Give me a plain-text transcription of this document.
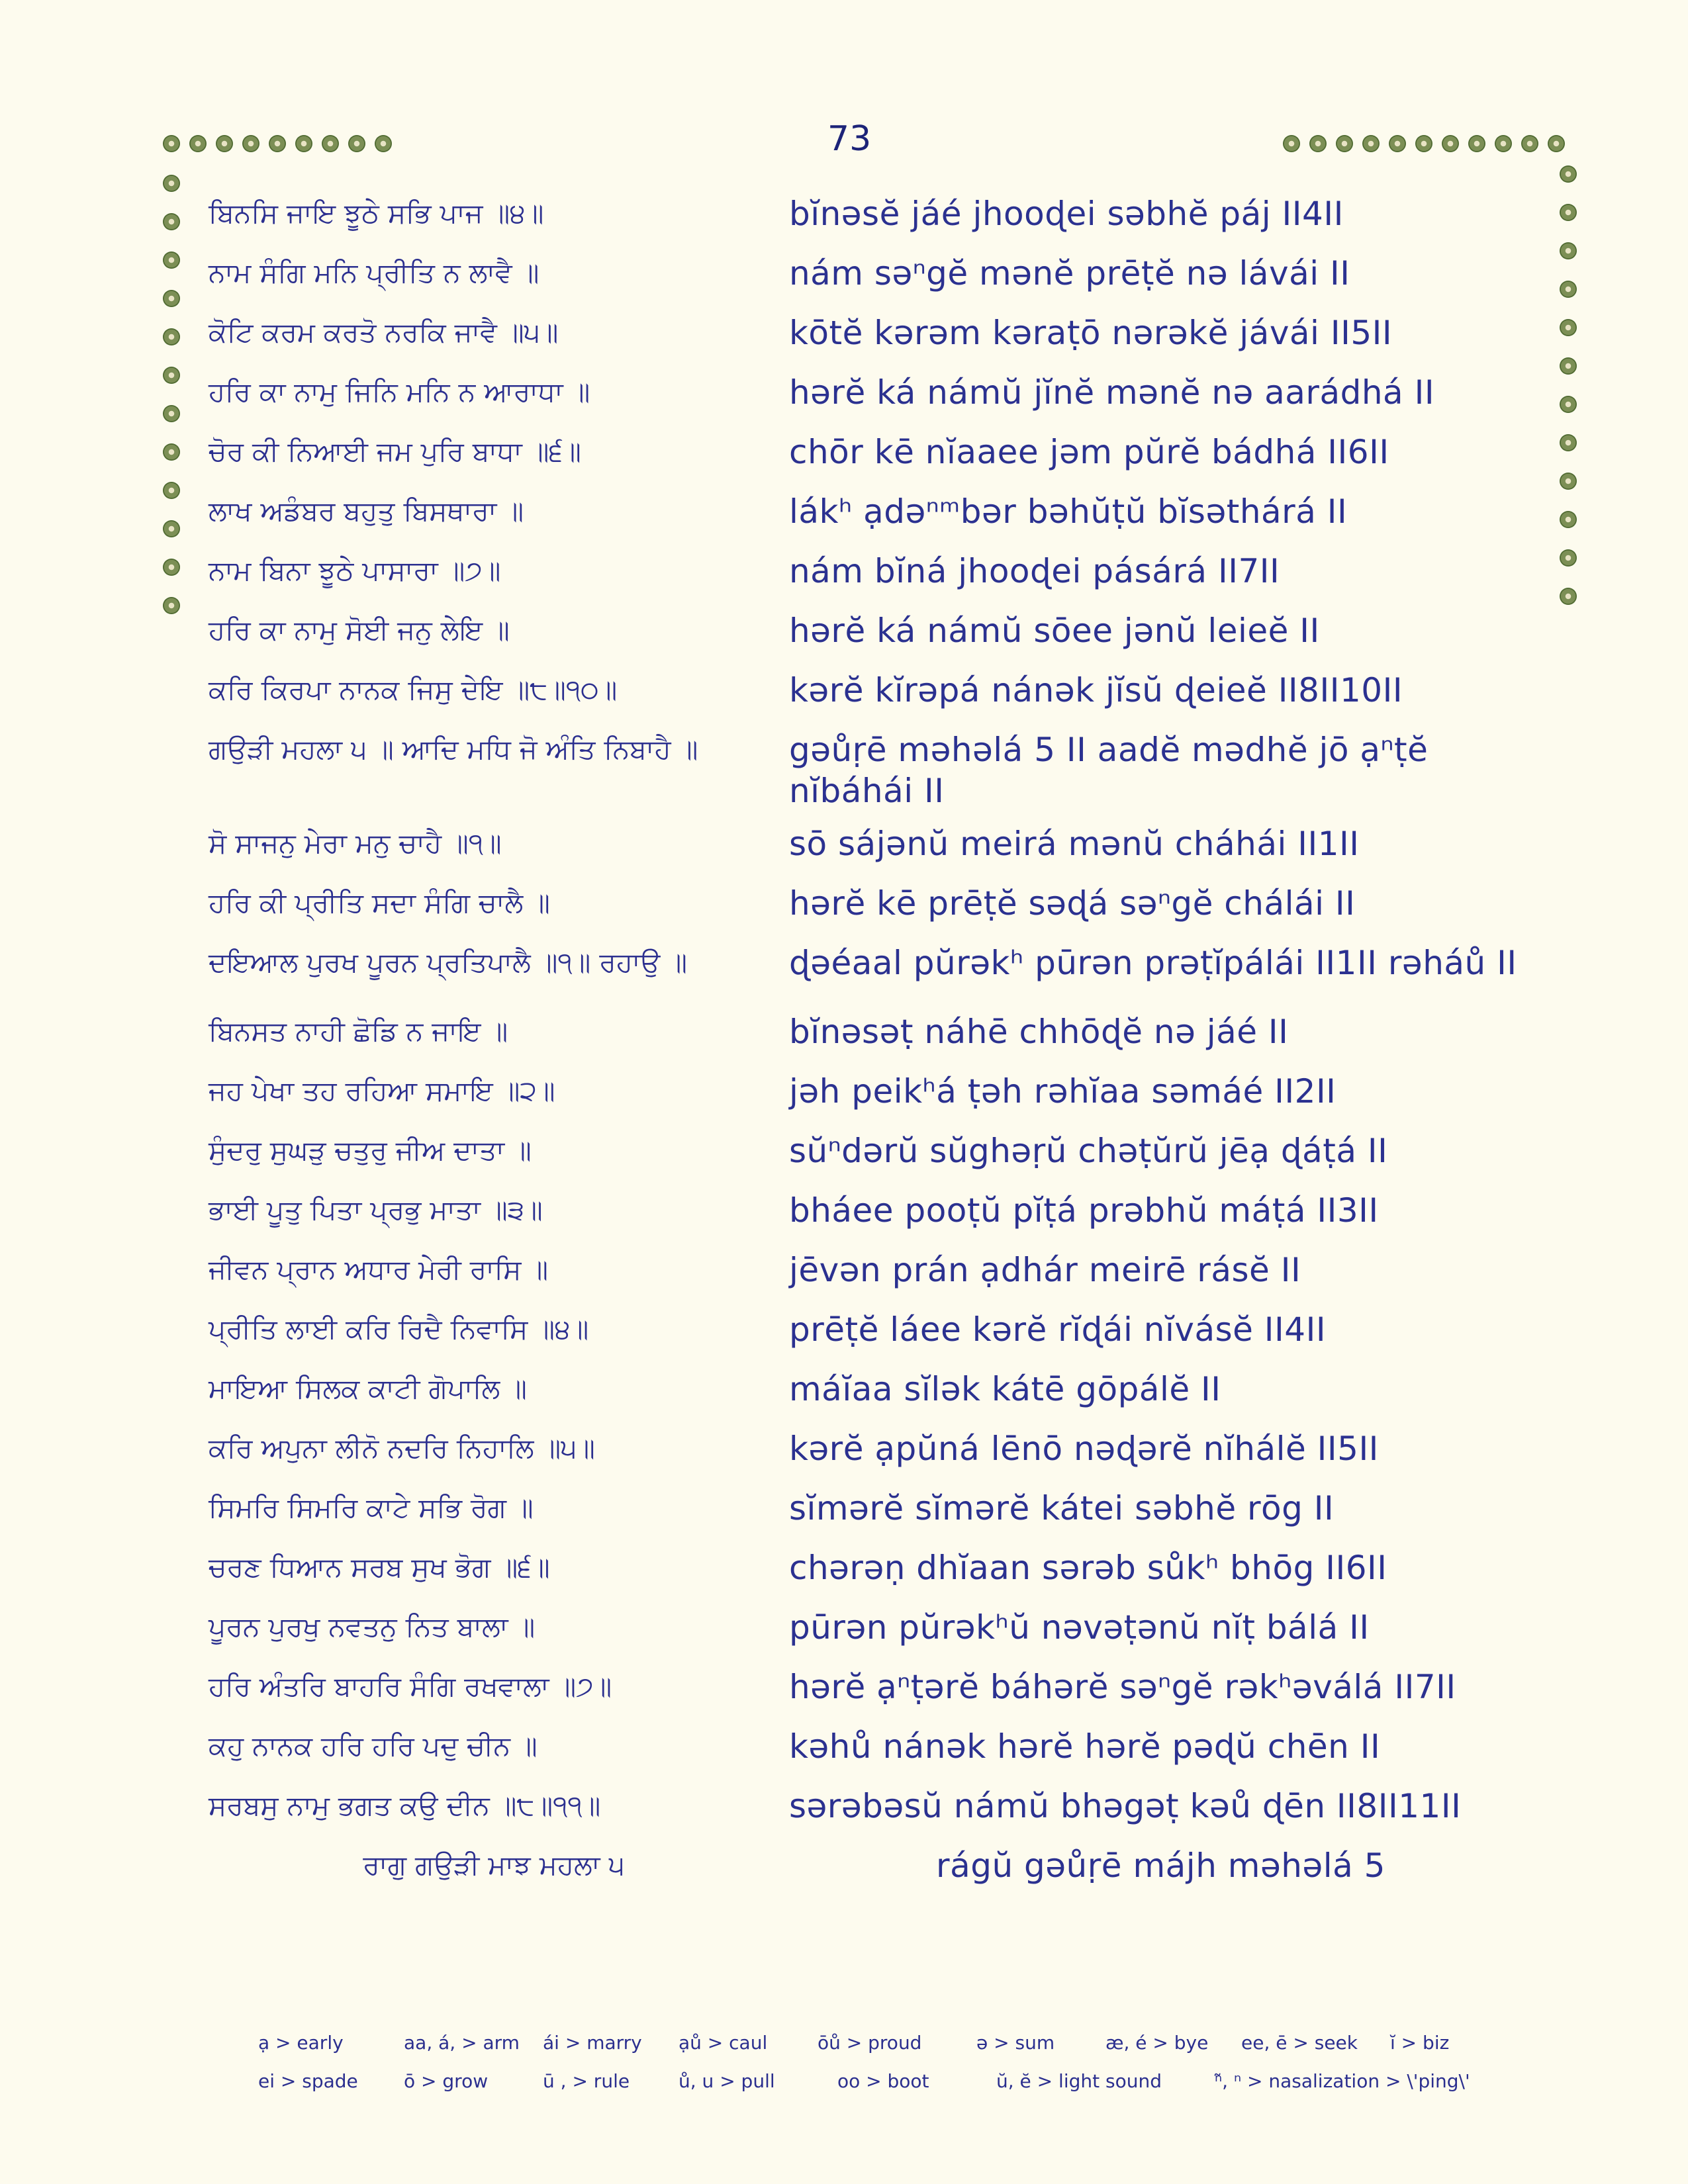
73
ਬਿਨਸਿ ਜਾਇ ਝੂਠੇ ਸਭਿ ਪਾਜ ॥੪॥	bĭnəsĕ jáé jhooɖei səbhĕ páj II4II
ਨਾਮ ਸੰਗਿ ਮਨਿ ਪ੍ਰੀਤਿ ਨ ਲਾਵੈ ॥	nám səⁿgĕ mənĕ prēṭĕ nə lávái II
ਕੋਟਿ ਕਰਮ ਕਰਤੋ ਨਰਕਿ ਜਾਵੈ ॥੫॥	kōtĕ kərəm kəraṭō nərəkĕ jávái II5II
ਹਰਿ ਕਾ ਨਾਮੁ ਜਿਨਿ ਮਨਿ ਨ ਆਰਾਧਾ ॥	hərĕ ká námŭ jĭnĕ mənĕ nə aarádhá II
ਚੋਰ ਕੀ ਨਿਆਈ ਜਮ ਪੁਰਿ ਬਾਧਾ ॥੬॥	chōr kē nĭaaee jəm pŭrĕ bádhá II6II
ਲਾਖ ਅਡੰਬਰ ਬਹੁਤੁ ਬਿਸਥਾਰਾ ॥	lákʰ ạdəⁿᵐbər bəhŭṭŭ bĭsəthárá II
ਨਾਮ ਬਿਨਾ ਝੂਠੇ ਪਾਸਾਰਾ ॥੭॥	nám bĭná jhooɖei pásárá II7II
ਹਰਿ ਕਾ ਨਾਮੁ ਸੋਈ ਜਨੁ ਲੇਇ ॥	hərĕ ká námŭ sōee jənŭ leieĕ II
ਕਰਿ ਕਿਰਪਾ ਨਾਨਕ ਜਿਸੁ ਦੇਇ ॥੮॥੧੦॥	kərĕ kĭrəpá nánək jĭsŭ ɖeieĕ II8II10II
ਗਉੜੀ ਮਹਲਾ ੫ ॥ ਆਦਿ ਮਧਿ ਜੋ ਅੰਤਿ ਨਿਬਾਹੈ ॥	gəůṛē məhəlá 5 II aadĕ mədhĕ jō ạⁿṭĕ nĭbáhái II
ਸੋ ਸਾਜਨੁ ਮੇਰਾ ਮਨੁ ਚਾਹੈ ॥੧॥	sō sájənŭ meirá mənŭ cháhái II1II
ਹਰਿ ਕੀ ਪ੍ਰੀਤਿ ਸਦਾ ਸੰਗਿ ਚਾਲੈ ॥	hərĕ kē prēṭĕ səɖá səⁿgĕ chálái II
ਦਇਆਲ ਪੁਰਖ ਪੂਰਨ ਪ੍ਰਤਿਪਾਲੈ ॥੧॥ ਰਹਾਉ ॥	ɖəéaal pŭrəkʰ pūrən prəṭĭpálái II1II rəháů II
ਬਿਨਸਤ ਨਾਹੀ ਛੋਡਿ ਨ ਜਾਇ ॥	bĭnəsəṭ náhē chhōɖĕ nə jáé II
ਜਹ ਪੇਖਾ ਤਹ ਰਹਿਆ ਸਮਾਇ ॥੨॥	jəh peikʰá ṭəh rəhĭaa səmáé II2II
ਸੁੰਦਰੁ ਸੁਘੜੁ ਚਤੁਰੁ ਜੀਅ ਦਾਤਾ ॥	sŭⁿdərŭ sŭghəṛŭ chəṭŭrŭ jēạ ɖáṭá II
ਭਾਈ ਪੂਤੁ ਪਿਤਾ ਪ੍ਰਭੁ ਮਾਤਾ ॥੩॥	bháee pooṭŭ pĭṭá prəbhŭ máṭá II3II
ਜੀਵਨ ਪ੍ਰਾਨ ਅਧਾਰ ਮੇਰੀ ਰਾਸਿ ॥	jēvən prán ạdhár meirē rásĕ II
ਪ੍ਰੀਤਿ ਲਾਈ ਕਰਿ ਰਿਦੈ ਨਿਵਾਸਿ ॥੪॥	prēṭĕ láee kərĕ rĭɖái nĭvásĕ II4II
ਮਾਇਆ ਸਿਲਕ ਕਾਟੀ ਗੋਪਾਲਿ ॥	máĭaa sĭlək kátē gōpálĕ II
ਕਰਿ ਅਪੁਨਾ ਲੀਨੋ ਨਦਰਿ ਨਿਹਾਲਿ ॥੫॥	kərĕ ạpŭná lēnō nəɖərĕ nĭhálĕ II5II
ਸਿਮਰਿ ਸਿਮਰਿ ਕਾਟੇ ਸਭਿ ਰੋਗ ॥	sĭmərĕ sĭmərĕ kátei səbhĕ rōg II
ਚਰਣ ਧਿਆਨ ਸਰਬ ਸੁਖ ਭੋਗ ॥੬॥	chərəṇ dhĭaan sərəb sůkʰ bhōg II6II
ਪੂਰਨ ਪੁਰਖੁ ਨਵਤਨੁ ਨਿਤ ਬਾਲਾ ॥	pūrən pŭrəkʰŭ nəvəṭənŭ nĭṭ bálá II
ਹਰਿ ਅੰਤਰਿ ਬਾਹਰਿ ਸੰਗਿ ਰਖਵਾਲਾ ॥੭॥	hərĕ ạⁿṭərĕ báhərĕ səⁿgĕ rəkʰəválá II7II
ਕਹੁ ਨਾਨਕ ਹਰਿ ਹਰਿ ਪਦੁ ਚੀਨ ॥	kəhů nánək hərĕ hərĕ pəɖŭ chēn II
ਸਰਬਸੁ ਨਾਮੁ ਭਗਤ ਕਉ ਦੀਨ ॥੮॥੧੧॥	sərəbəsŭ námŭ bhəgəṭ kəů ɖēn II8II11II
ਰਾਗੁ ਗਉੜੀ ਮਾਝ ਮਹਲਾ ੫	rágŭ gəůṛē májh məhəlá 5
ạ > early	aa, á, > arm	ái > marry	ạů > caul	ōů > proud	ə > sum	æ, é > bye	ee, ē > seek	ĭ > biz
ei > spade	ō > grow	ū , > rule	ů, u > pull	oo > boot	ŭ, ĕ > light sound	ⁿ̃, ⁿ > nasalization > \'ping\'
